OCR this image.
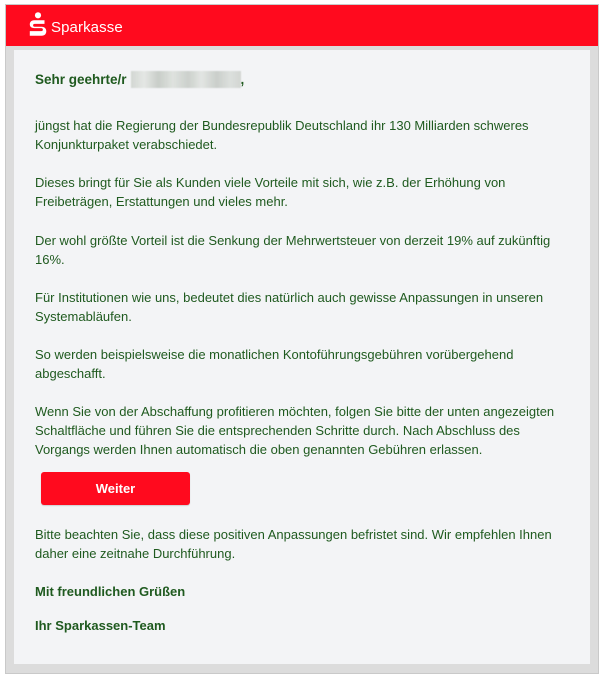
Sparkasse

Sehr geehrte/r	,

jüngst hat die Regierung der Bundesrepublik Deutschland ihr 130 Milliarden schweres Konjunkturpaket verabschiedet.

Dieses bringt für Sie als Kunden viele Vorteile mit sich, wie z.B. der Erhöhung von Freibeträgen, Erstattungen und vieles mehr.

Der wohl größte Vorteil ist die Senkung der Mehrwertsteuer von derzeit 19% auf zukünftig 16%.

Für Institutionen wie uns, bedeutet dies natürlich auch gewisse Anpassungen in unseren Systemabläufen.

So werden beispielsweise die monatlichen Kontoführungsgebühren vorübergehend abgeschafft.

Wenn Sie von der Abschaffung profitieren möchten, folgen Sie bitte der unten angezeigten Schaltfläche und führen Sie die entsprechenden Schritte durch. Nach Abschluss des Vorgangs werden Ihnen automatisch die oben genannten Gebühren erlassen.

Weiter

Bitte beachten Sie, dass diese positiven Anpassungen befristet sind. Wir empfehlen Ihnen daher eine zeitnahe Durchführung.

Mit freundlichen Grüßen

Ihr Sparkassen-Team
